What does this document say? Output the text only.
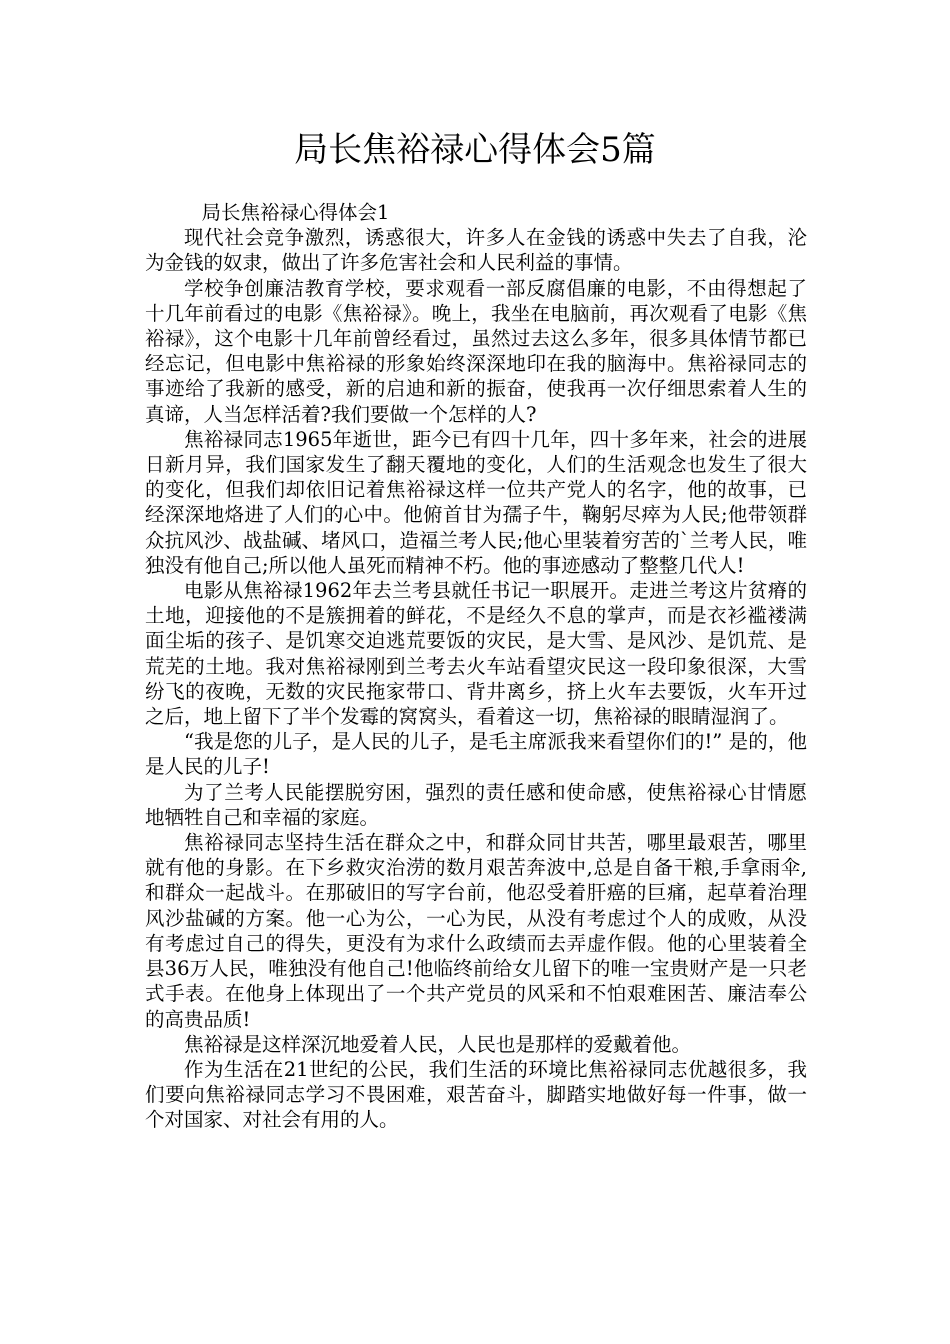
局长焦裕禄心得体会5篇

局长焦裕禄心得体会1

现代社会竞争激烈，诱惑很大，许多人在金钱的诱惑中失去了自我，沦为金钱的奴隶，做出了许多危害社会和人民利益的事情。

学校争创廉洁教育学校，要求观看一部反腐倡廉的电影，不由得想起了十几年前看过的电影《焦裕禄》。晚上，我坐在电脑前，再次观看了电影《焦裕禄》，这个电影十几年前曾经看过，虽然过去这么多年，很多具体情节都已经忘记，但电影中焦裕禄的形象始终深深地印在我的脑海中。焦裕禄同志的事迹给了我新的感受，新的启迪和新的振奋，使我再一次仔细思索着人生的真谛，人当怎样活着?我们要做一个怎样的人?

焦裕禄同志1965年逝世，距今已有四十几年，四十多年来，社会的进展日新月异，我们国家发生了翻天覆地的变化，人们的生活观念也发生了很大的变化，但我们却依旧记着焦裕禄这样一位共产党人的名字，他的故事，已经深深地烙进了人们的心中。他俯首甘为孺子牛，鞠躬尽瘁为人民;他带领群众抗风沙、战盐碱、堵风口，造福兰考人民;他心里装着穷苦的`兰考人民，唯独没有他自己;所以他人虽死而精神不朽。他的事迹感动了整整几代人!

电影从焦裕禄1962年去兰考县就任书记一职展开。走进兰考这片贫瘠的土地，迎接他的不是簇拥着的鲜花，不是经久不息的掌声，而是衣衫褴褛满面尘垢的孩子、是饥寒交迫逃荒要饭的灾民，是大雪、是风沙、是饥荒、是荒芜的土地。我对焦裕禄刚到兰考去火车站看望灾民这一段印象很深，大雪纷飞的夜晚，无数的灾民拖家带口、背井离乡，挤上火车去要饭，火车开过之后，地上留下了半个发霉的窝窝头，看着这一切，焦裕禄的眼睛湿润了。

“我是您的儿子，是人民的儿子，是毛主席派我来看望你们的!” 是的，他是人民的儿子!

为了兰考人民能摆脱穷困，强烈的责任感和使命感，使焦裕禄心甘情愿地牺牲自己和幸福的家庭。

焦裕禄同志坚持生活在群众之中，和群众同甘共苦，哪里最艰苦，哪里就有他的身影。在下乡救灾治涝的数月艰苦奔波中,总是自备干粮,手拿雨伞,和群众一起战斗。在那破旧的写字台前，他忍受着肝癌的巨痛，起草着治理风沙盐碱的方案。他一心为公，一心为民，从没有考虑过个人的成败，从没有考虑过自己的得失，更没有为求什么政绩而去弄虚作假。他的心里装着全县36万人民，唯独没有他自己!他临终前给女儿留下的唯一宝贵财产是一只老式手表。在他身上体现出了一个共产党员的风采和不怕艰难困苦、廉洁奉公的高贵品质!

焦裕禄是这样深沉地爱着人民，人民也是那样的爱戴着他。

作为生活在21世纪的公民，我们生活的环境比焦裕禄同志优越很多，我们要向焦裕禄同志学习不畏困难，艰苦奋斗，脚踏实地做好每一件事，做一个对国家、对社会有用的人。
